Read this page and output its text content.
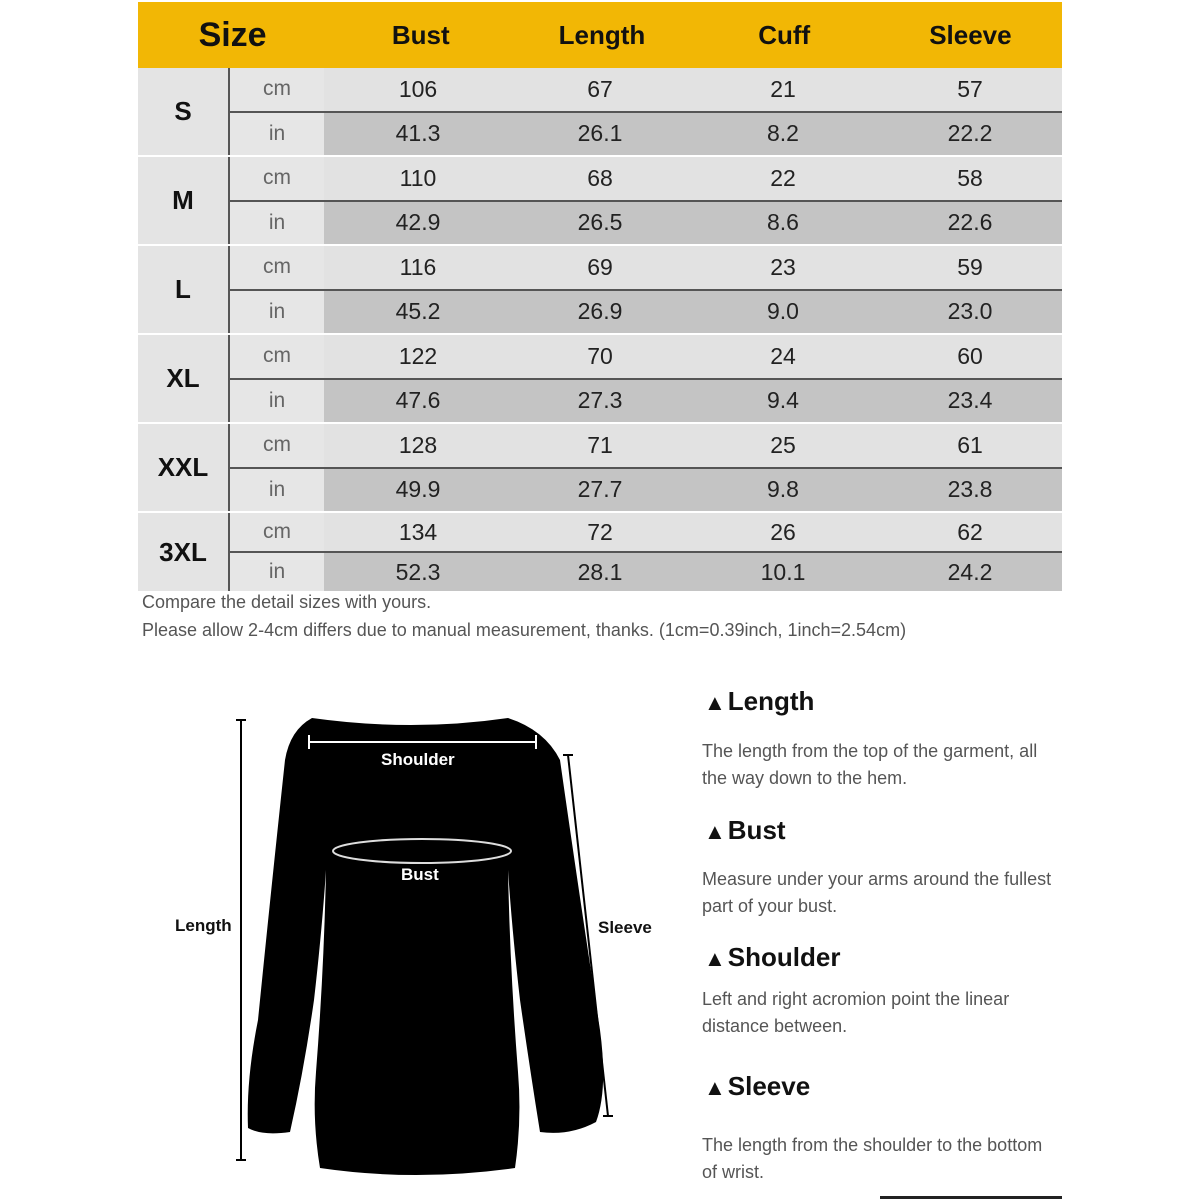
Size	Bust	Length	Cuff	Sleeve
S
cm	106	67	21	57
in	41.3	26.1	8.2	22.2
M
cm	110	68	22	58
in	42.9	26.5	8.6	22.6
L
cm	116	69	23	59
in	45.2	26.9	9.0	23.0
XL
cm	122	70	24	60
in	47.6	27.3	9.4	23.4
XXL
cm	128	71	25	61
in	49.9	27.7	9.8	23.8
3XL
cm	134	72	26	62
in	52.3	28.1	10.1	24.2
Compare the detail sizes with yours.
Please allow 2-4cm differs due to manual measurement, thanks. (1cm=0.39inch, 1inch=2.54cm)
Shoulder
Bust
Length	Sleeve
▲Length
The length from the top of the garment, all the way down to the hem.
▲Bust
Measure under your arms around the fullest part of your bust.
▲Shoulder
Left and right acromion point the linear distance between.
▲Sleeve
The length from the shoulder to the bottom of wrist.
